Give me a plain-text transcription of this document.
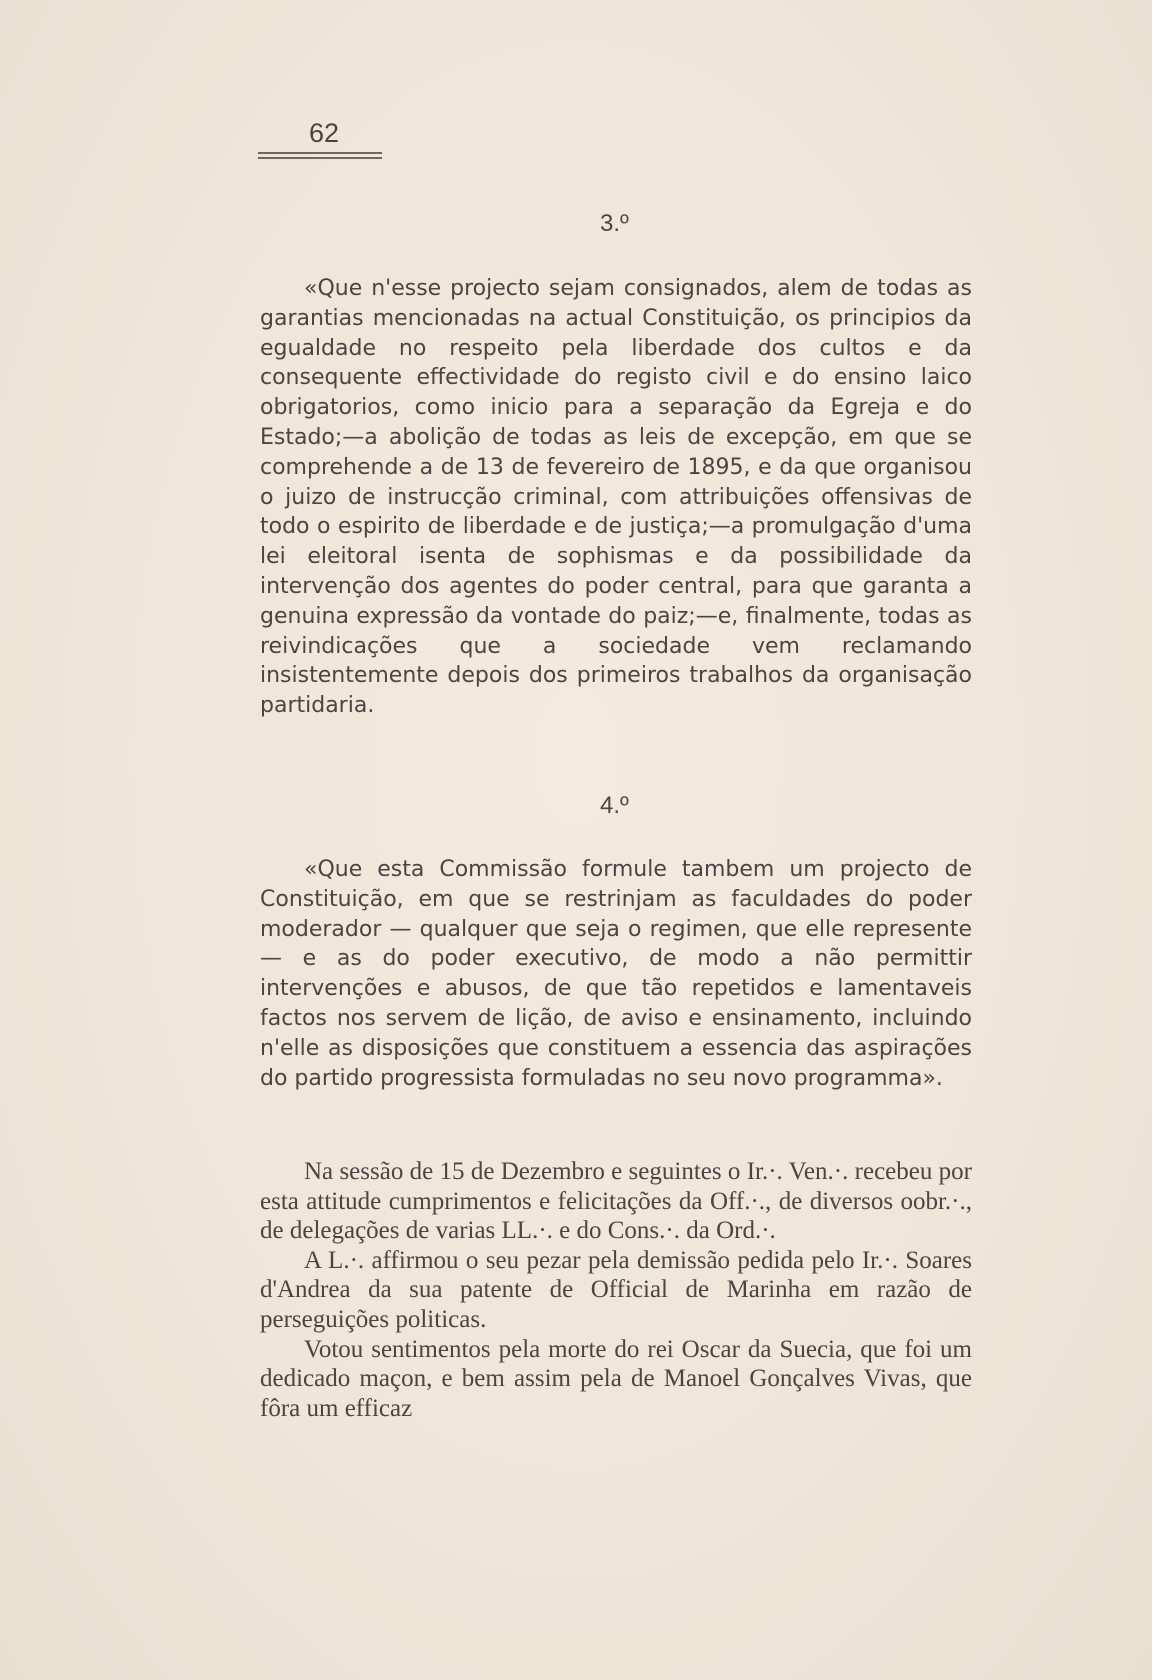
62
3.º

«Que n'esse projecto sejam consignados, alem de todas as garantias mencionadas na actual Constituição, os principios da egualdade no respeito pela liberdade dos cultos e da consequente effectividade do registo civil e do ensino laico obrigatorios, como inicio para a separação da Egreja e do Estado;—a abolição de todas as leis de excepção, em que se comprehende a de 13 de fevereiro de 1895, e da que organisou o juizo de instrucção criminal, com attribuições offensivas de todo o espirito de liberdade e de justiça;—a promulgação d'uma lei eleitoral isenta de sophismas e da possibilidade da intervenção dos agentes do poder central, para que garanta a genuina expressão da vontade do paiz;—e, finalmente, todas as reivindicações que a sociedade vem reclamando insistentemente depois dos primeiros trabalhos da organisação partidaria.

4.º

«Que esta Commissão formule tambem um projecto de Constituição, em que se restrinjam as faculdades do poder moderador — qualquer que seja o regimen, que elle represente — e as do poder executivo, de modo a não permittir intervenções e abusos, de que tão repetidos e lamentaveis factos nos servem de lição, de aviso e ensinamento, incluindo n'elle as disposições que constituem a essencia das aspirações do partido progressista formuladas no seu novo programma».

Na sessão de 15 de Dezembro e seguintes o Ir.·. Ven.·. recebeu por esta attitude cumprimentos e felicitações da Off.·., de diversos oobr.·., de delegações de varias LL.·. e do Cons.·. da Ord.·.

A L.·. affirmou o seu pezar pela demissão pedida pelo Ir.·. Soares d'Andrea da sua patente de Official de Marinha em razão de perseguições politicas.

Votou sentimentos pela morte do rei Oscar da Suecia, que foi um dedicado maçon, e bem assim pela de Manoel Gonçalves Vivas, que fôra um efficaz
